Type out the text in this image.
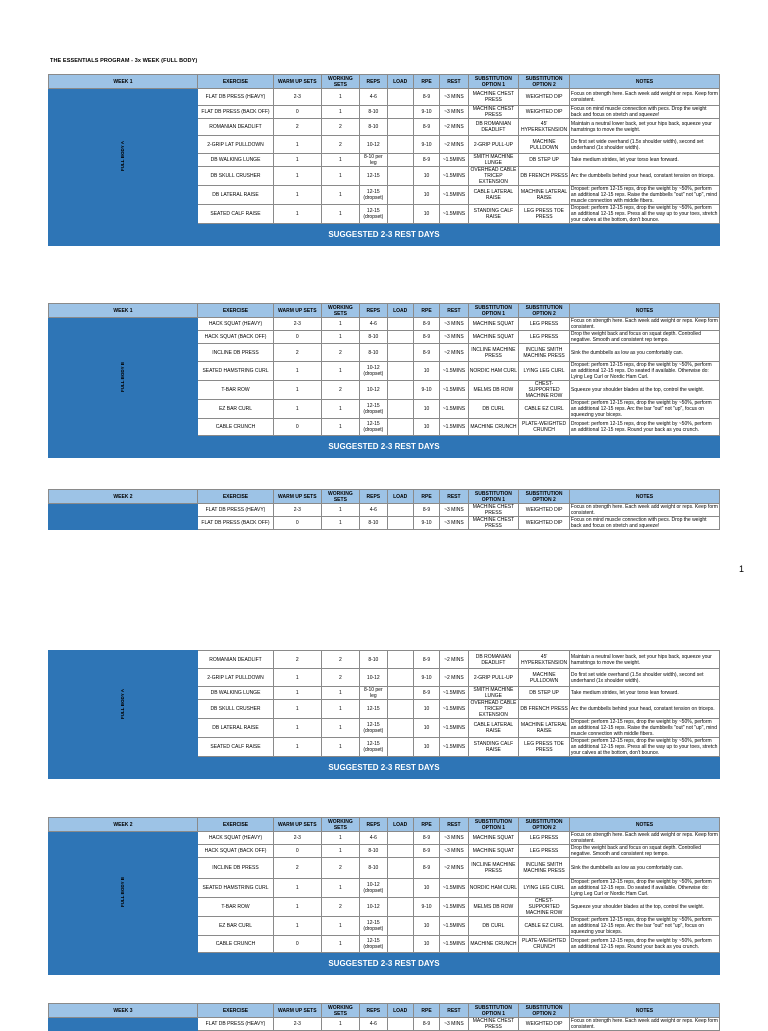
THE ESSENTIALS PROGRAM - 3x WEEK (FULL BODY)
WEEK 1	EXERCISE	WARM UP SETS	WORKING SETS	REPS	LOAD	RPE	REST	SUBSTITUTION OPTION 1	SUBSTITUTION OPTION 2	NOTES

FULL BODY A	FLAT DB PRESS (HEAVY)	2-3	1	4-6		8-9	~3 MINS	MACHINE CHEST PRESS	WEIGHTED DIP	Focus on strength here. Each week add weight or reps. Keep form consistent.
	FLAT DB PRESS (BACK OFF)	0	1	8-10		9-10	~3 MINS	MACHINE CHEST PRESS	WEIGHTED DIP	Focus on mind muscle connection with pecs. Drop the weight back and focus on stretch and squeeze!
	ROMANIAN DEADLIFT	2	2	8-10		8-9	~2 MINS	DB ROMANIAN DEADLIFT	45' HYPEREXTENSION	Maintain a neutral lower back, set your hips back, squeeze your hamstrings to move the weight.
	2-GRIP LAT PULLDOWN	1	2	10-12		9-10	~2 MINS	2-GRIP PULL-UP	MACHINE PULLDOWN	Do first set wide overhand (1.5x shoulder width), second set underhand (1x shoulder width).
	DB WALKING LUNGE	1	1	8-10 per leg		8-9	~1.5MINS	SMITH MACHINE LUNGE	DB STEP UP	Take medium strides, let your torso lean forward.
	DB SKULL CRUSHER	1	1	12-15		10	~1.5MINS	OVERHEAD CABLE TRICEP EXTENSION	DB FRENCH PRESS	Arc the dumbbells behind your head, constant tension on triceps.
	DB LATERAL RAISE	1	1	12-15 (dropset)		10	~1.5MINS	CABLE LATERAL RAISE	MACHINE LATERAL RAISE	Dropset: perform 12-15 reps, drop the weight by ~50%, perform an additional 12-15 reps. Raise the dumbbells "out" not "up", mind muscle connection with middle fibers.
	SEATED CALF RAISE	1	1	12-15 (dropset)		10	~1.5MINS	STANDING CALF RAISE	LEG PRESS TOE PRESS	Dropset: perform 12-15 reps, drop the weight by ~50%, perform an additional 12-15 reps. Press all the way up to your toes, stretch your calves at the bottom, don't bounce.
SUGGESTED 2-3 REST DAYS
WEEK 1	EXERCISE	WARM UP SETS	WORKING SETS	REPS	LOAD	RPE	REST	SUBSTITUTION OPTION 1	SUBSTITUTION OPTION 2	NOTES

FULL BODY B	HACK SQUAT (HEAVY)	2-3	1	4-6		8-9	~3 MINS	MACHINE SQUAT	LEG PRESS	Focus on strength here. Each week add weight or reps. Keep form consistent.
	HACK SQUAT (BACK OFF)	0	1	8-10		8-9	~3 MINS	MACHINE SQUAT	LEG PRESS	Drop the weight back and focus on squat depth. Controlled negative. Smooth and consistent rep tempo.
	INCLINE DB PRESS	2	2	8-10		8-9	~2 MINS	INCLINE MACHINE PRESS	INCLINE SMITH MACHINE PRESS	Sink the dumbbells as low as you comfortably can.
	SEATED HAMSTRING CURL	1	1	10-12 (dropset)		10	~1.5MINS	NORDIC HAM CURL	LYING LEG CURL	Dropset: perform 12-15 reps, drop the weight by ~50%, perform an additional 12-15 reps. Do seated if available. Otherwise do: Lying Leg Curl or Nordic Ham Curl.
	T-BAR ROW	1	2	10-12		9-10	~1.5MINS	MELMS DB ROW	CHEST-SUPPORTED MACHINE ROW	Squeeze your shoulder blades at the top, control the weight.
	EZ BAR CURL	1	1	12-15 (dropset)		10	~1.5MINS	DB CURL	CABLE EZ CURL	Dropset: perform 12-15 reps, drop the weight by ~50%, perform an additional 12-15 reps. Arc the bar "out" not "up", focus on squeezing your biceps.
	CABLE CRUNCH	0	1	12-15 (dropset)		10	~1.5MINS	MACHINE CRUNCH	PLATE-WEIGHTED CRUNCH	Dropset: perform 12-15 reps, drop the weight by ~50%, perform an additional 12-15 reps. Round your back as you crunch.
SUGGESTED 2-3 REST DAYS
WEEK 2	EXERCISE	WARM UP SETS	WORKING SETS	REPS	LOAD	RPE	REST	SUBSTITUTION OPTION 1	SUBSTITUTION OPTION 2	NOTES

	FLAT DB PRESS (HEAVY)	2-3	1	4-6		8-9	~3 MINS	MACHINE CHEST PRESS	WEIGHTED DIP	Focus on strength here. Each week add weight or reps. Keep form consistent.
	FLAT DB PRESS (BACK OFF)	0	1	8-10		9-10	~3 MINS	MACHINE CHEST PRESS	WEIGHTED DIP	Focus on mind muscle connection with pecs. Drop the weight back and focus on stretch and squeeze!
1
FULL BODY A	ROMANIAN DEADLIFT	2	2	8-10		8-9	~2 MINS	DB ROMANIAN DEADLIFT	45' HYPEREXTENSION	Maintain a neutral lower back, set your hips back, squeeze your hamstrings to move the weight.
	2-GRIP LAT PULLDOWN	1	2	10-12		9-10	~2 MINS	2-GRIP PULL-UP	MACHINE PULLDOWN	Do first set wide overhand (1.5x shoulder width), second set underhand (1x shoulder width).
	DB WALKING LUNGE	1	1	8-10 per leg		8-9	~1.5MINS	SMITH MACHINE LUNGE	DB STEP UP	Take medium strides, let your torso lean forward.
	DB SKULL CRUSHER	1	1	12-15		10	~1.5MINS	OVERHEAD CABLE TRICEP EXTENSION	DB FRENCH PRESS	Arc the dumbbells behind your head, constant tension on triceps.
	DB LATERAL RAISE	1	1	12-15 (dropset)		10	~1.5MINS	CABLE LATERAL RAISE	MACHINE LATERAL RAISE	Dropset: perform 12-15 reps, drop the weight by ~50%, perform an additional 12-15 reps. Raise the dumbbells "out" not "up", mind muscle connection with middle fibers.
	SEATED CALF RAISE	1	1	12-15 (dropset)		10	~1.5MINS	STANDING CALF RAISE	LEG PRESS TOE PRESS	Dropset: perform 12-15 reps, drop the weight by ~50%, perform an additional 12-15 reps. Press all the way up to your toes, stretch your calves at the bottom, don't bounce.
SUGGESTED 2-3 REST DAYS
WEEK 2	EXERCISE	WARM UP SETS	WORKING SETS	REPS	LOAD	RPE	REST	SUBSTITUTION OPTION 1	SUBSTITUTION OPTION 2	NOTES

FULL BODY B	HACK SQUAT (HEAVY)	2-3	1	4-6		8-9	~3 MINS	MACHINE SQUAT	LEG PRESS	Focus on strength here. Each week add weight or reps. Keep form consistent.
	HACK SQUAT (BACK OFF)	0	1	8-10		8-9	~3 MINS	MACHINE SQUAT	LEG PRESS	Drop the weight back and focus on squat depth. Controlled negative. Smooth and consistent rep tempo.
	INCLINE DB PRESS	2	2	8-10		8-9	~2 MINS	INCLINE MACHINE PRESS	INCLINE SMITH MACHINE PRESS	Sink the dumbbells as low as you comfortably can.
	SEATED HAMSTRING CURL	1	1	10-12 (dropset)		10	~1.5MINS	NORDIC HAM CURL	LYING LEG CURL	Dropset: perform 12-15 reps, drop the weight by ~50%, perform an additional 12-15 reps. Do seated if available. Otherwise do: Lying Leg Curl or Nordic Ham Curl.
	T-BAR ROW	1	2	10-12		9-10	~1.5MINS	MELMS DB ROW	CHEST-SUPPORTED MACHINE ROW	Squeeze your shoulder blades at the top, control the weight.
	EZ BAR CURL	1	1	12-15 (dropset)		10	~1.5MINS	DB CURL	CABLE EZ CURL	Dropset: perform 12-15 reps, drop the weight by ~50%, perform an additional 12-15 reps. Arc the bar "out" not "up", focus on squeezing your biceps.
	CABLE CRUNCH	0	1	12-15 (dropset)		10	~1.5MINS	MACHINE CRUNCH	PLATE-WEIGHTED CRUNCH	Dropset: perform 12-15 reps, drop the weight by ~50%, perform an additional 12-15 reps. Round your back as you crunch.
SUGGESTED 2-3 REST DAYS
WEEK 3	EXERCISE	WARM UP SETS	WORKING SETS	REPS	LOAD	RPE	REST	SUBSTITUTION OPTION 1	SUBSTITUTION OPTION 2	NOTES

	FLAT DB PRESS (HEAVY)	2-3	1	4-6		8-9	~3 MINS	MACHINE CHEST PRESS	WEIGHTED DIP	Focus on strength here. Each week add weight or reps. Keep form consistent.
